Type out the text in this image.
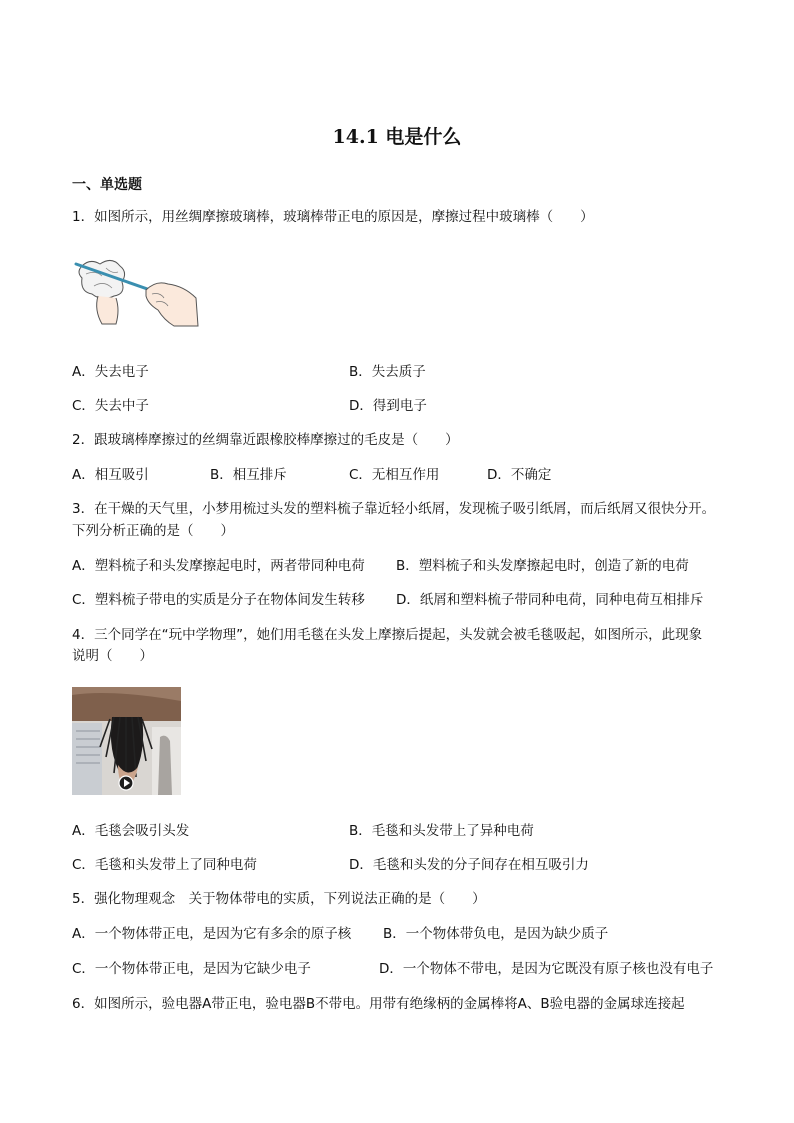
14.1 电是什么
一、单选题
1．如图所示，用丝绸摩擦玻璃棒，玻璃棒带正电的原因是，摩擦过程中玻璃棒（　　）
A．失去电子	B．失去质子
C．失去中子	D．得到电子
2．跟玻璃棒摩擦过的丝绸靠近跟橡胶棒摩擦过的毛皮是（　　）
A．相互吸引	B．相互排斥	C．无相互作用	D．不确定
3．在干燥的天气里，小梦用梳过头发的塑料梳子靠近轻小纸屑，发现梳子吸引纸屑，而后纸屑又很快分开。
下列分析正确的是（　　）
A．塑料梳子和头发摩擦起电时，两者带同种电荷 B．塑料梳子和头发摩擦起电时，创造了新的电荷
C．塑料梳子带电的实质是分子在物体间发生转移 D．纸屑和塑料梳子带同种电荷，同种电荷互相排斥
4．三个同学在“玩中学物理”，她们用毛毯在头发上摩擦后提起，头发就会被毛毯吸起，如图所示，此现象
说明（　　）
A．毛毯会吸引头发	B．毛毯和头发带上了异种电荷
C．毛毯和头发带上了同种电荷	D．毛毯和头发的分子间存在相互吸引力
5．强化物理观念　关于物体带电的实质，下列说法正确的是（　　）
A．一个物体带正电，是因为它有多余的原子核 B．一个物体带负电，是因为缺少质子
C．一个物体带正电，是因为它缺少电子	D．一个物体不带电，是因为它既没有原子核也没有电子
6．如图所示，验电器A带正电，验电器B不带电。用带有绝缘柄的金属棒将A、B验电器的金属球连接起
